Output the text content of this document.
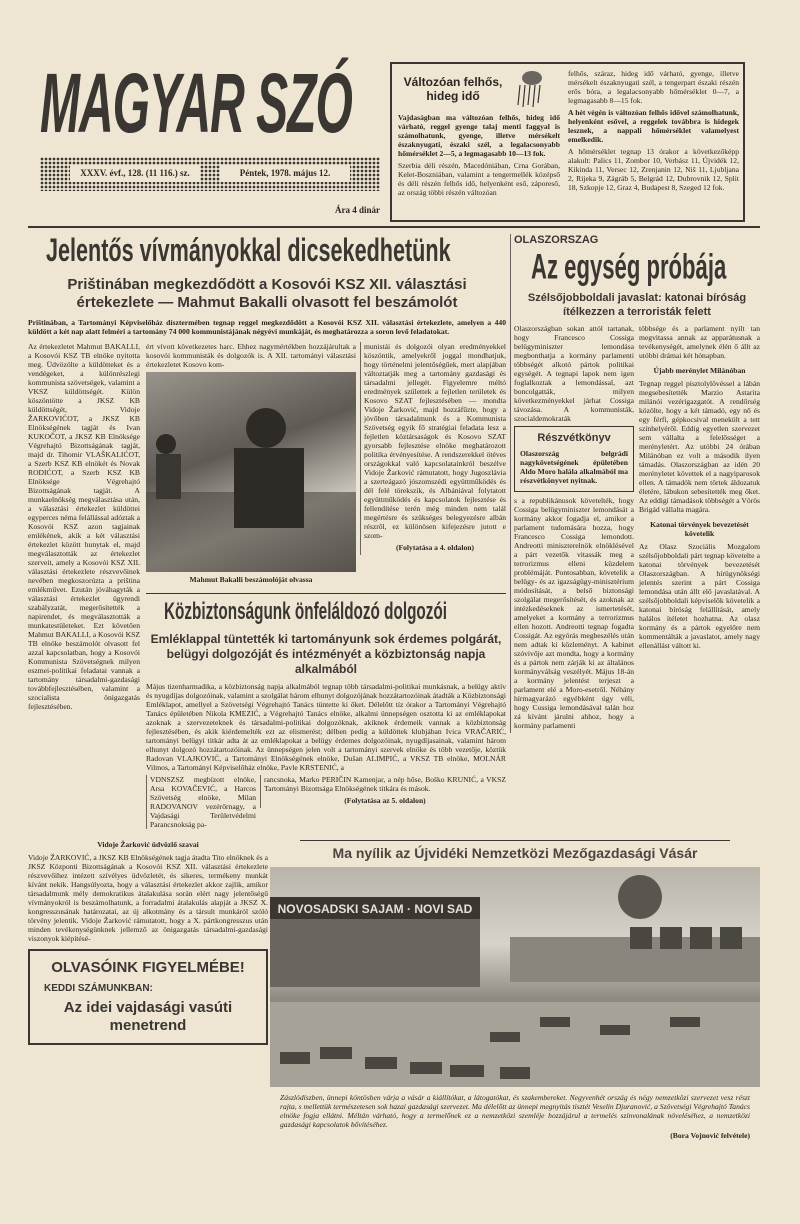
MAGYAR SZÓ
XXXV. évf., 128. (11 116.) sz.	Péntek, 1978. május 12.
Ára 4 dinár
Változóan felhős, hideg idő

Vajdaságban ma változóan felhős, hideg idő várható, reggel gyenge talaj menti faggyal is számolhatunk, gyenge, illetve mérsékelt északnyugati, északi szél, a legalacsonyabb hőmérséklet 2—5, a legmagasabb 10—13 fok.

Szerbia déli részén, Macedóniában, Crna Gorában, Kelet-Boszniában, valamint a tengermellék középső és déli részén felhős idő, helyenként eső, záporeső, az ország többi részén változóan

felhős, száraz, hideg idő várható, gyenge, illetve mérsékelt északnyugati szél, a tengerpart északi részén erős bóra, a legalacsonyabb hőmérséklet 0—7, a legmagasabb 8—15 fok.

A hét végén is változóan felhős idővel számolhatunk, helyenként esővel, a reggelek továbbra is hidegek lesznek, a nappali hőmérséklet valamelyest emelkedik.

A hőmérséklet tegnap 13 órakor a következőképp alakult: Palics 11, Zombor 10, Verbász 11, Újvidék 12, Kikinda 11, Versec 12, Zrenjanin 12, Niš 11, Ljubljana 2, Rijeka 9, Zágráb 5, Belgrád 12, Dubrovnik 12, Split 18, Szkopje 12, Graz 4, Budapest 8, Szeged 12 fok.

Jelentős vívmányokkal dicsekedhetünk
Prištinában megkezdődött a Kosovói KSZ XII. választási értekezlete — Mahmut Bakalli olvasott fel beszámolót

Prištinában, a Tartományi Képviselőház dísztermében tegnap reggel megkezdődött a Kosovói KSZ XII. választási értekezlete, amelyen a 440 küldött a két nap alatt felméri a tartomány 74 000 kommunistájának négyévi munkáját, és meghatározza a soron levő feladatokat.

Az értekezletet Mahmut BAKALLI, a Kosovói KSZ TB elnöke nyitotta meg. Üdvözölte a küldötteket és a vendégeket, a különrészlegi kommunista szövetségek, valamint a VKSZ küldöttségét. Külön köszöntötte a JKSZ KB küldöttségét, Vidoje ŽARKOVIĆOT, a JKSZ KB Elnökségének tagját és Ivan KUKOČOT, a JKSZ KB Elnöksége Végrehajtó Bizottságának tagját, majd dr. Tihomir VLAŠKALIĆOT, a Szerb KSZ KB elnökét és Novak RODIĆOT, a Szerb KSZ KB Elnöksége Végrehajtó Bizottságának tagját. A munkaelnökség megválasztása után, a választási értekezlet küldöttei egyperces néma felállással adóztak a Kosovói KSZ azon tagjainak emlékének, akik a két választási értekezlet között hunytak el, majd megválasztották az értekezlet szerveit, amely a Kosovói KSZ XII. választási értekezlete részvevőinek nevében megkoszorúzta a priština emlékművet. Ezután jóváhagyták a választási értekezlet ügyrendi szabályzatát, megerősítették a napirendet, és megválasztották a munkatestületeket. Ezt követően Mahmut BAKALLI, a Kosovói KSZ TB elnöke beszámolót olvasott fel azzal kapcsolatban, hogy a Kosovói Kommunista Szövetségnek milyen eszmei-politikai feladatai vannak a tartomány társadalmi-gazdasági továbbfejlesztésében, valamint a szocialista önigazgatás fejlesztésében.

ért vívott következetes harc. Ehhez nagymértékben hozzájárultak a kosovói kommunisták és dolgozók is. A XII. tartományi választási értekezletet Kosovo kom-

Mahmut Bakalli beszámolóját olvassa

munistái és dolgozói olyan eredményekkel köszöntik, amelyekről joggal mondhatjuk, hogy történelmi jelentőségűek, mert alapjában változtatják meg a tartomány gazdasági és társadalmi jellegét. Figyelemre méltó eredmények születtek a fejletlen területek és Kosovo SZAT fejlesztésében — mondta Vidoje Žarković, majd hozzáfűzte, hogy a jövőben társadalmunk és a Kommunista Szövetség egyik fő stratégiai feladata lesz a fejletlen köztársaságok és Kosovo SZAT gyorsabb fejlesztése elnöke meghatározott politika érvényesítése. A rendszerekkel ötéves országokkal való kapcsolatainkról beszélve Vidoje Žarković rámutatott, hogy Jugoszlávia a szerteágazó jószomszédi együttműködés és dél felé törekszik, és Albániával folytatott együttműködés és kapcsolatok fejlesztése és fellendítése terén még minden nem talál megértésre és szükséges belegyezésre albán részről, ez különösen kifejezésre jutott e szom-

(Folytatása a 4. oldalon)
Közbiztonságunk önfeláldozó dolgozói
Emléklappal tüntették ki tartományunk sok érdemes polgárát, belügyi dolgozóját és intézményét a közbiztonság napja alkalmából

Május tizenharmadika, a közbiztonság napja alkalmából tegnap több társadalmi-politikai munkásnak, a belügy aktív és nyugdíjas dolgozóinak, valamint a szolgálat három elhunyt dolgozójának hozzátartozóinak átadták a Közbiztonsági Emléklapot, amellyel a Szövetségi Végrehajtó Tanács tüntette ki őket. Délelőtt tíz órakor a Tartományi Végrehajtó Tanács épületében Nikola KMEZIĆ, a Végrehajtó Tanács elnöke, alkalmi ünnepségen osztotta ki az emléklapokat azoknak a szervezeteknek és társadalmi-politikai dolgozóknak, akiknek érdemeik vannak a közbiztonság fejlesztésében, és akik kiérdemelték ezt az elismerést; délben pedig a küldöttek klubjában Ivica VRAČARIĆ, tartományi belügyi titkár adta át az emléklapokat a belügy érdemes dolgozóinak, nyugdíjasainak, valamint három elhunyt dolgozó hozzátartozóinak. Az ünnepségen jelen volt a tartományi szervek elnöke és több vezetője, köztük Radovan VLAJKOVIĆ, a Tartományi Elnökségének elnöke, Dušan ALIMPIĆ, a VKSZ TB elnöke, MOLNÁR Vilmos, a Tartományi Képviselőház elnöke, Pavle KRSTENIĆ, a

VDNSZSZ megbízott elnöke, Arsa KOVAČEVIĆ, a Harcos Szövetség elnöke, Milan RADOVANOV vezérőrnagy, a Vajdasági Területvédelmi Parancsnokság pa-

rancsnoka, Marko PERIČIN Kamenjar, a nép hőse, Boško KRUNIĆ, a VKSZ Tartományi Bizottsága Elnökségének titkára és mások.

(Folytatása az 5. oldalon)
OLASZORSZAG
Az egység próbája
Szélsőjobboldali javaslat: katonai bíróság ítélkezzen a terroristák felett

Olaszországban sokan attól tartanak, hogy Francesco Cossiga belügyminiszter lemondása megbonthatja a kormány parlamenti többségét alkotó pártok politikai egységét. A tegnapi lapok nem igen foglalkoztak a lemondással, azt boncolgatták, milyen következményekkel járhat Cossiga távozása. A kommunisták, szocialdemokraták

Részvétkönyv

Olaszország belgrádi nagykövetségének épületében Aldo Moro halála alkalmából ma részvétkönyvet nyitnak.

s a republikánusok követelték, hogy Cossiga belügyminiszter lemondását a kormány akkor fogadja el, amikor a parlament tudomására hozza, hogy Francesco Cossiga lemondott. Andreotti miniszterelnök elnöklésével a párt vezetők vitassák meg a terrorizmus elleni küzdelem problémáját. Pontosabban, követelik a belügy- és az igazságügy-minisztérium módosítását, a belső biztonsági szolgálat megerősítését, és azoknak az intézkedéseknek az ismertetését, amelyeket a kormány a terrorizmus ellen hozott. Andreotti tegnap fogadta Cossigát. Az egyórás megbeszélés után nem adtak ki közleményt. A kabinet szóvivője azt mondta, hogy a kormány és a pártok nem zárják ki az általános kormányválság veszélyét. Május 18-án a kormány jelentést terjeszt a parlament elé a Moro-esetről. Néhány hírmagyarázó egyébként úgy véli, hogy Cossiga lemondásával talán hoz zá kívánt járulni ahhoz, hogy a kormány parlamenti

többsége és a parlament nyílt tan megvitassa annak az apparátusnak a tevékenységét, amelynek élén ő állt az utóbbi drámai két hónapban.

Újabb merénylet Milánóban

Tegnap reggel pisztolylövéssel a lábán megsebesítették Marzio Astarita milánói vezérigazgatót. A rendőrség közölte, hogy a két támadó, egy nő és egy férfi, gépkocsival menekült a tett színhelyéről. Eddig egyetlen szervezet sem vállalta a felelősséget a merényletért. Az utóbbi 24 órában Milánóban ez volt a második ilyen támadás. Olaszországban az idén 20 merényletet követtek el a nagyiparosok ellen. A támadók nem törtek áldozatuk életére, lábukon sebesítették meg őket. Az eddigi támadások többségét a Vörös Brigád vállalta magára.

Katonai törvények bevezetését követelik

Az Olasz Szociális Mozgalom szélsőjobboldali párt tegnap követelte a katonai törvények bevezetését Olaszországban. A hírügynökségi jelentés szerint a párt Cossiga lemondása után állt elő javaslatával. A szélsőjobboldali képviselők követelik a katonai bíróság felállítását, amely halálos ítéletet hozhatna. Az olasz kormány és a pártok egyelőre nem kommentálták a javaslatot, amely nagy ellenállást váltott ki.

Vidoje Žarković üdvözlő szavai

Vidoje ŽARKOVIĆ, a JKSZ KB Elnökségének tagja átadta Tito elnöknek és a JKSZ Központi Bizottságának a Kosovói KSZ XII. választási értekezlete részvevőihez intézett szívélyes üdvözletét, és sikeres, termékeny munkát kívánt nekik. Hangsúlyozta, hogy a választási értekezlet akkor zajlik, amikor társadalmunk mély demokratikus átalakulása során elért nagy jelentőségű vívmányokról is beszámolhatunk, a forradalmi átalakulás alapját a JKSZ X. kongresszusának határozatai, az új alkotmány és a társult munkáról szóló törvény jelentik. Vidoje Žarković rámutatott, hogy a X. pártkongresszus után minden tevékenységünknek jellemző az önigazgatás társadalmi-gazdasági viszonyok kiépítésé-

OLVASÓINK FIGYELMÉBE!
KEDDI SZÁMUNKBAN:
Az idei vajdasági vasúti menetrend
Ma nyílik az Újvidéki Nemzetközi Mezőgazdasági Vásár
NOVOSADSKI SAJAM · NOVI SAD

Zászlódíszben, ünnepi köntösben várja a vásár a kiállítókat, a látogatókat, és szakembereket. Negyvenhét ország és négy nemzetközi szervezet vesz részt rajta, s mellettük természetesen sok hazai gazdasági szervezet. Ma délelőtt az ünnepi megnyitás tisztét Veselin Djuranović, a Szövetségi Végrehajtó Tanács elnöke fogja ellátni. Méltán várható, hogy a termelőnek ez a nemzetközi szemléje hozzájárul a termelés színvonalának növeléséhez, a nemzetközi gazdasági kapcsolatok bővítéséhez.

(Bora Vojnović felvétele)
